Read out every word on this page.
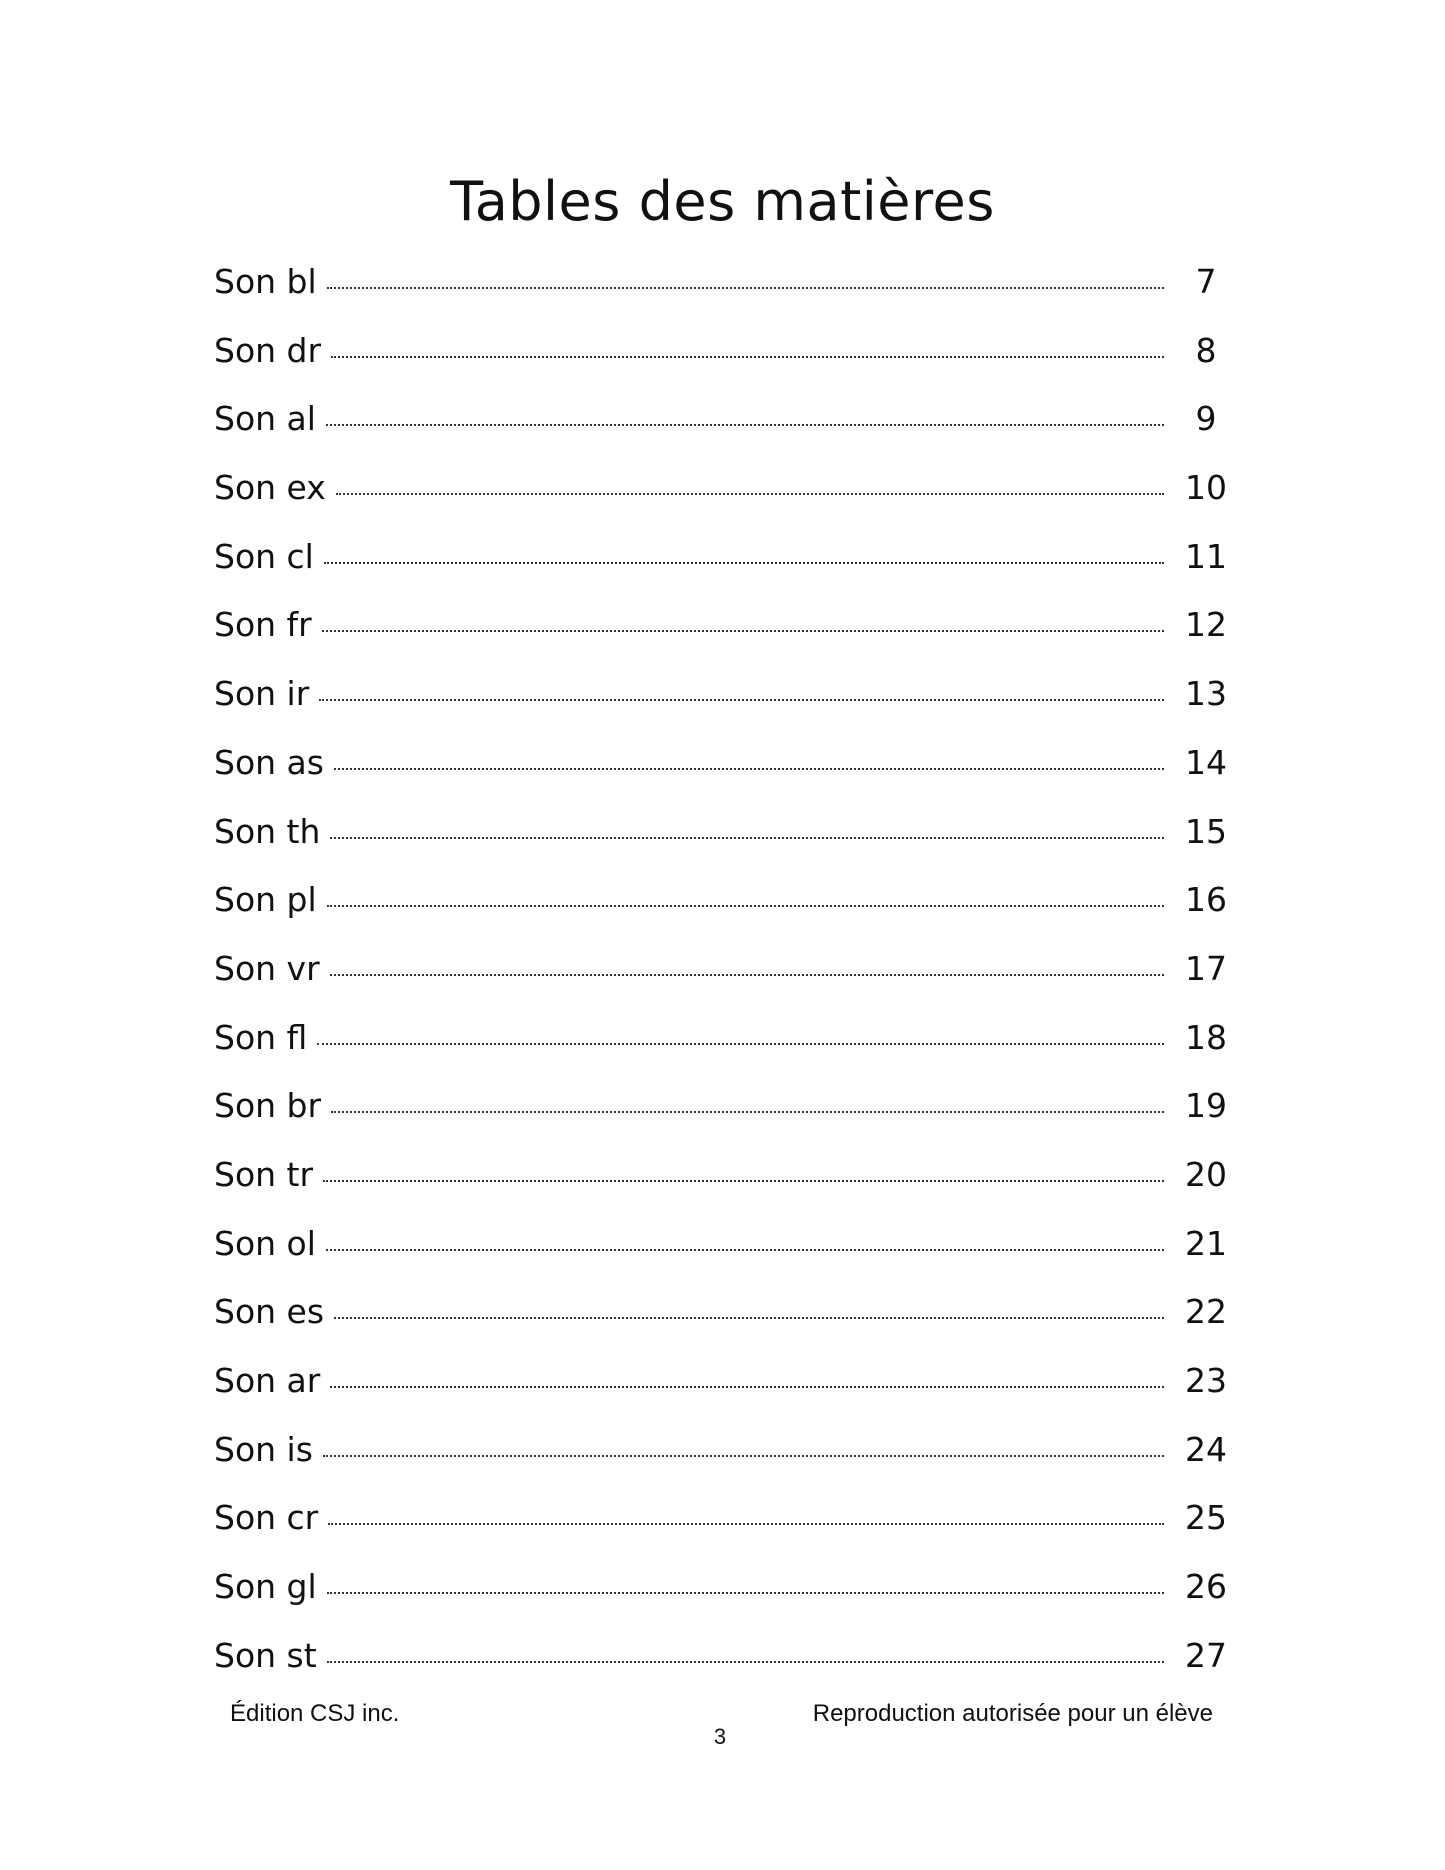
Tables des matières
Son bl	7
Son dr	8
Son al	9
Son ex	10
Son cl	11
Son fr	12
Son ir	13
Son as	14
Son th	15
Son pl	16
Son vr	17
Son fl	18
Son br	19
Son tr	20
Son ol	21
Son es	22
Son ar	23
Son is	24
Son cr	25
Son gl	26
Son st	27
Édition CSJ inc.
3
Reproduction autorisée pour un élève
